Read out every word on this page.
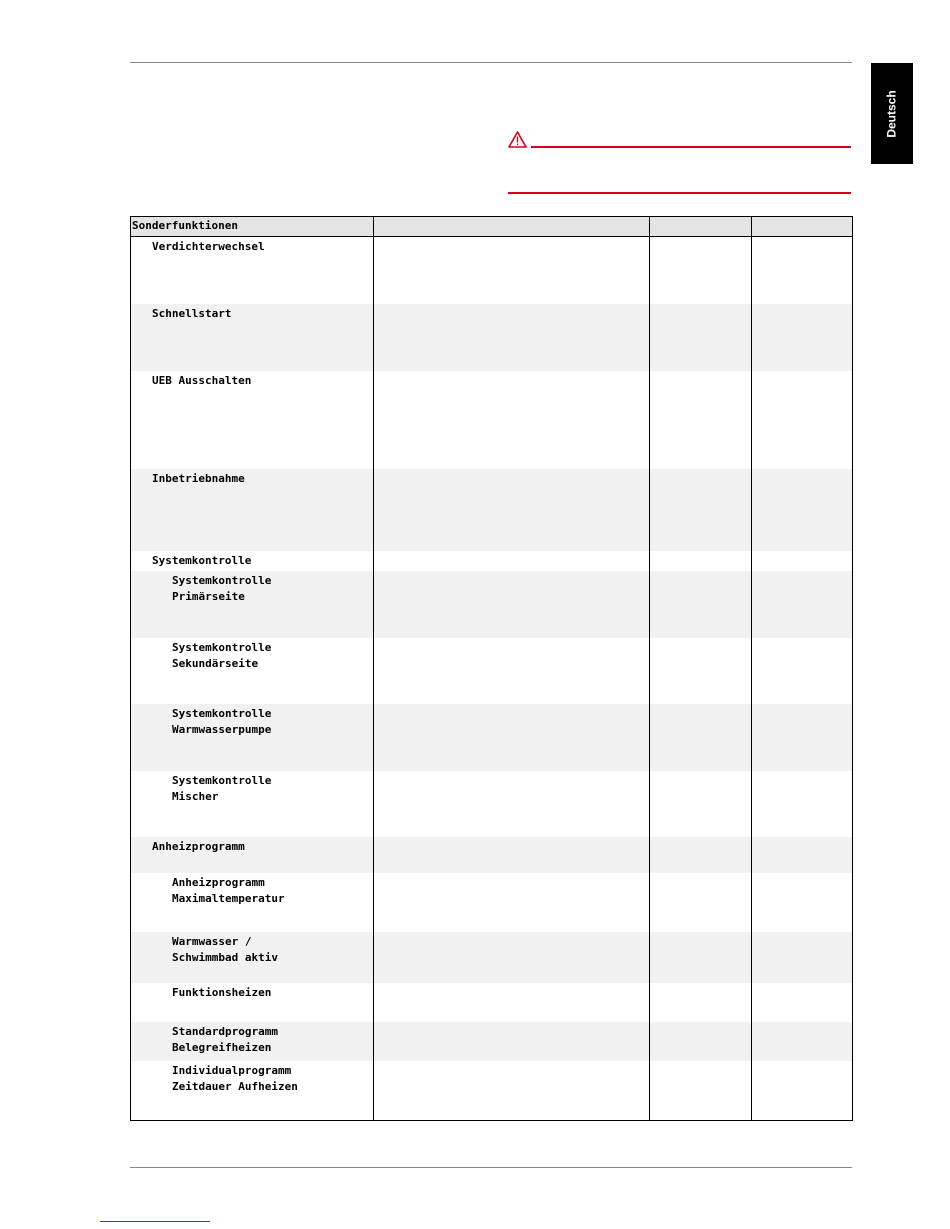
Deutsch
Sonderfunktionen
Verdichterwechsel
Schnellstart
UEB Ausschalten
Inbetriebnahme
Systemkontrolle
Systemkontrolle
Primärseite
Systemkontrolle
Sekundärseite
Systemkontrolle
Warmwasserpumpe
Systemkontrolle
Mischer
Anheizprogramm
Anheizprogramm
Maximaltemperatur
Warmwasser /
Schwimmbad aktiv
Funktionsheizen
Standardprogramm
Belegreifheizen
Individualprogramm
Zeitdauer Aufheizen
